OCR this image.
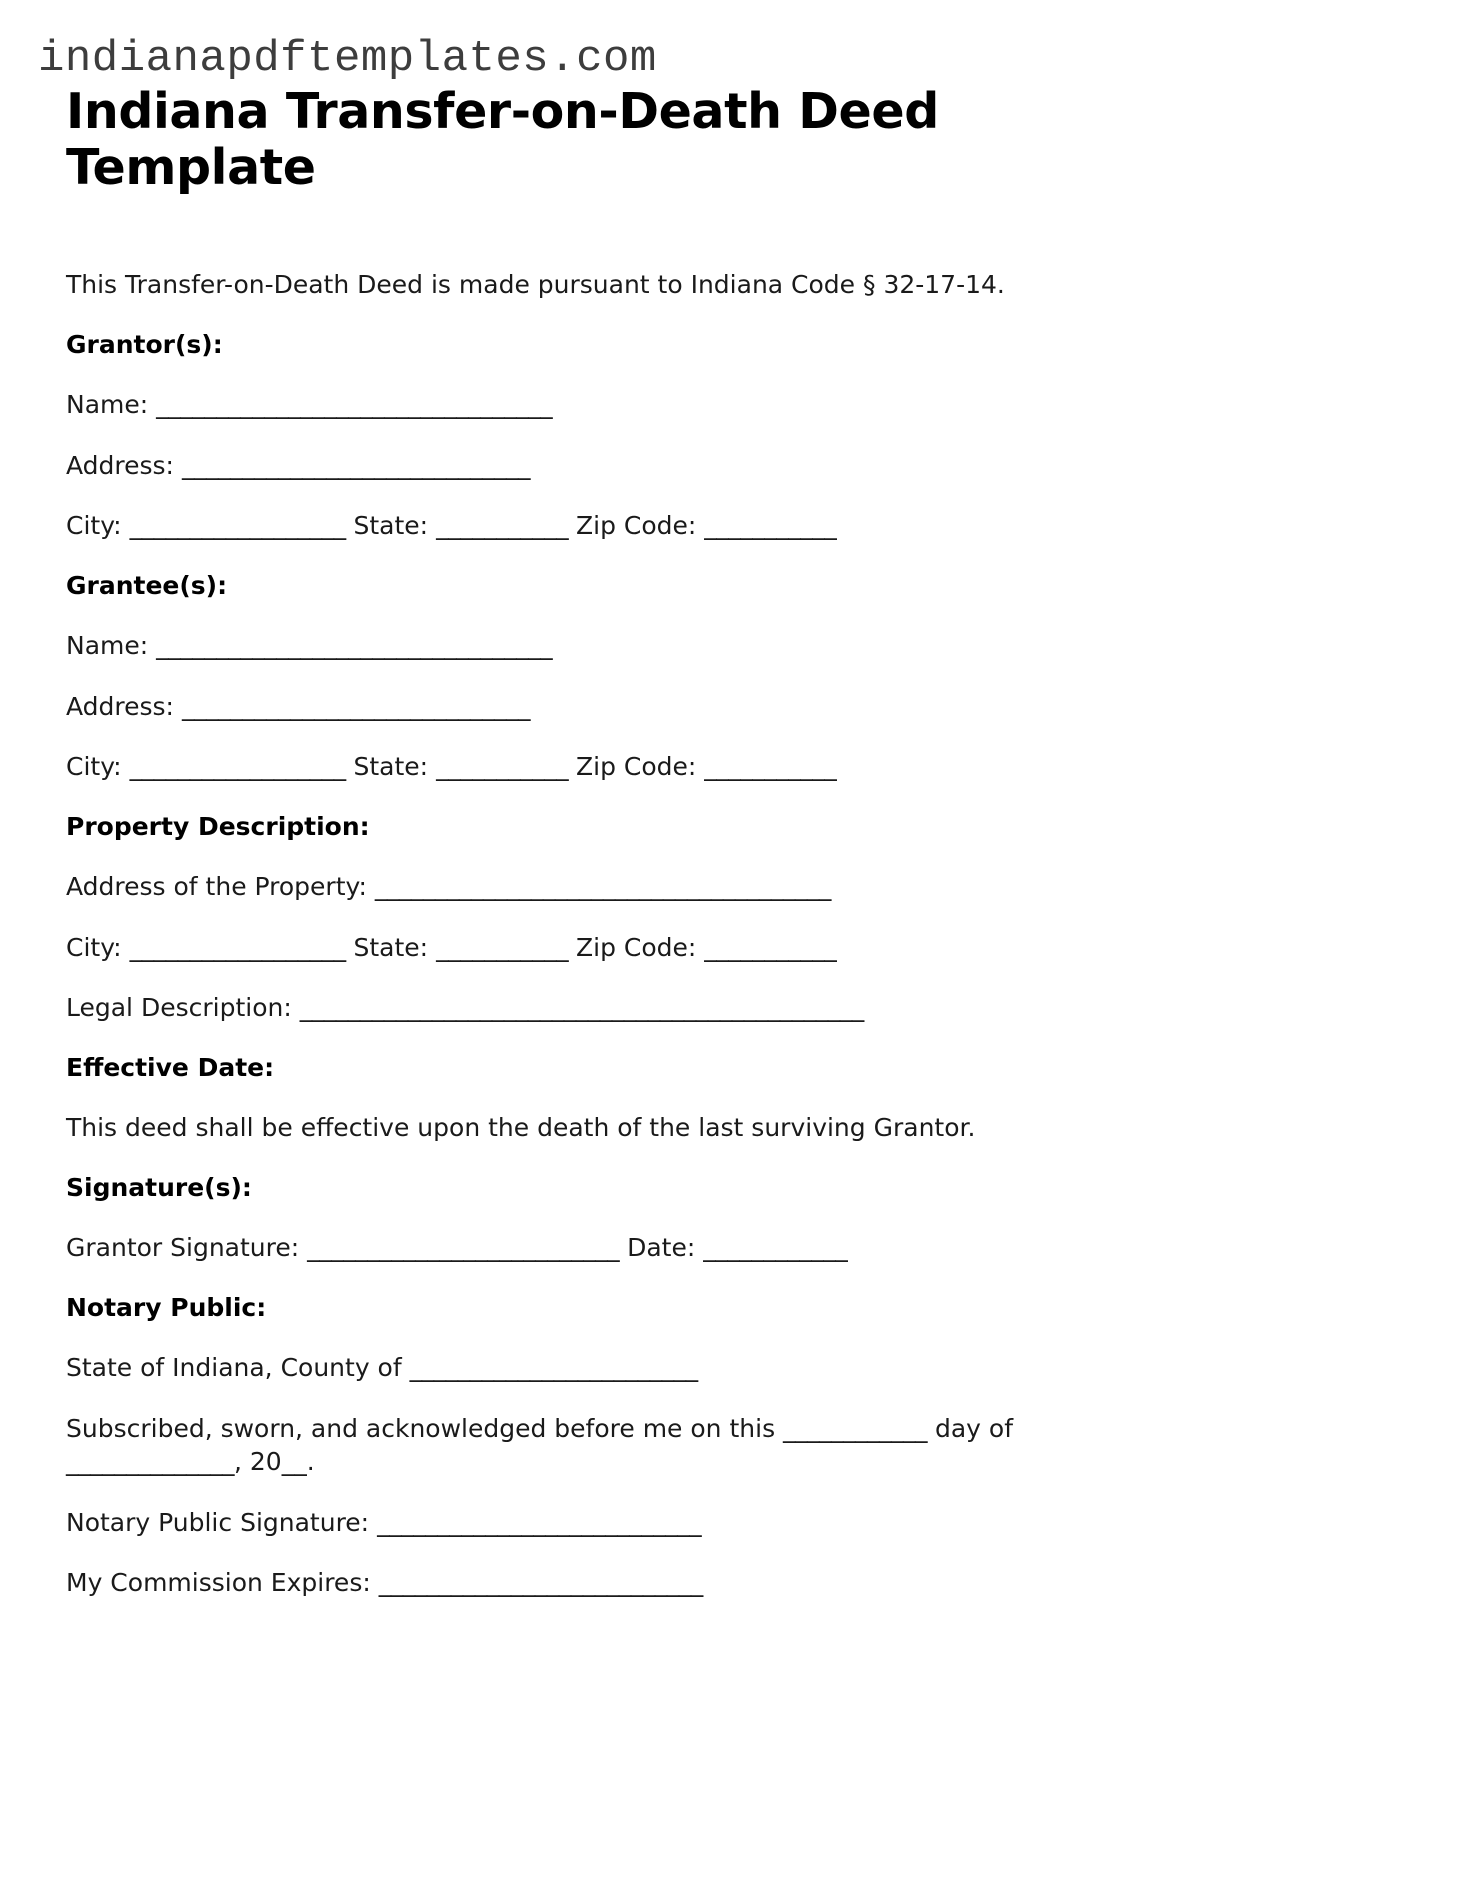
indianapdftemplates.com
Indiana Transfer-on-Death Deed Template

This Transfer-on-Death Deed is made pursuant to Indiana Code § 32-17-14.

Grantor(s):

Name: _________________________________

Address: _____________________________

City: __________________ State: ___________ Zip Code: ___________

Grantee(s):

Name: _________________________________

Address: _____________________________

City: __________________ State: ___________ Zip Code: ___________

Property Description:

Address of the Property: ______________________________________

City: __________________ State: ___________ Zip Code: ___________

Legal Description: _______________________________________________

Effective Date:

This deed shall be effective upon the death of the last surviving Grantor.

Signature(s):

Grantor Signature: __________________________ Date: ____________

Notary Public:

State of Indiana, County of ________________________

Subscribed, sworn, and acknowledged before me on this ____________ day of ______________, 20__.

Notary Public Signature: ___________________________

My Commission Expires: ___________________________
